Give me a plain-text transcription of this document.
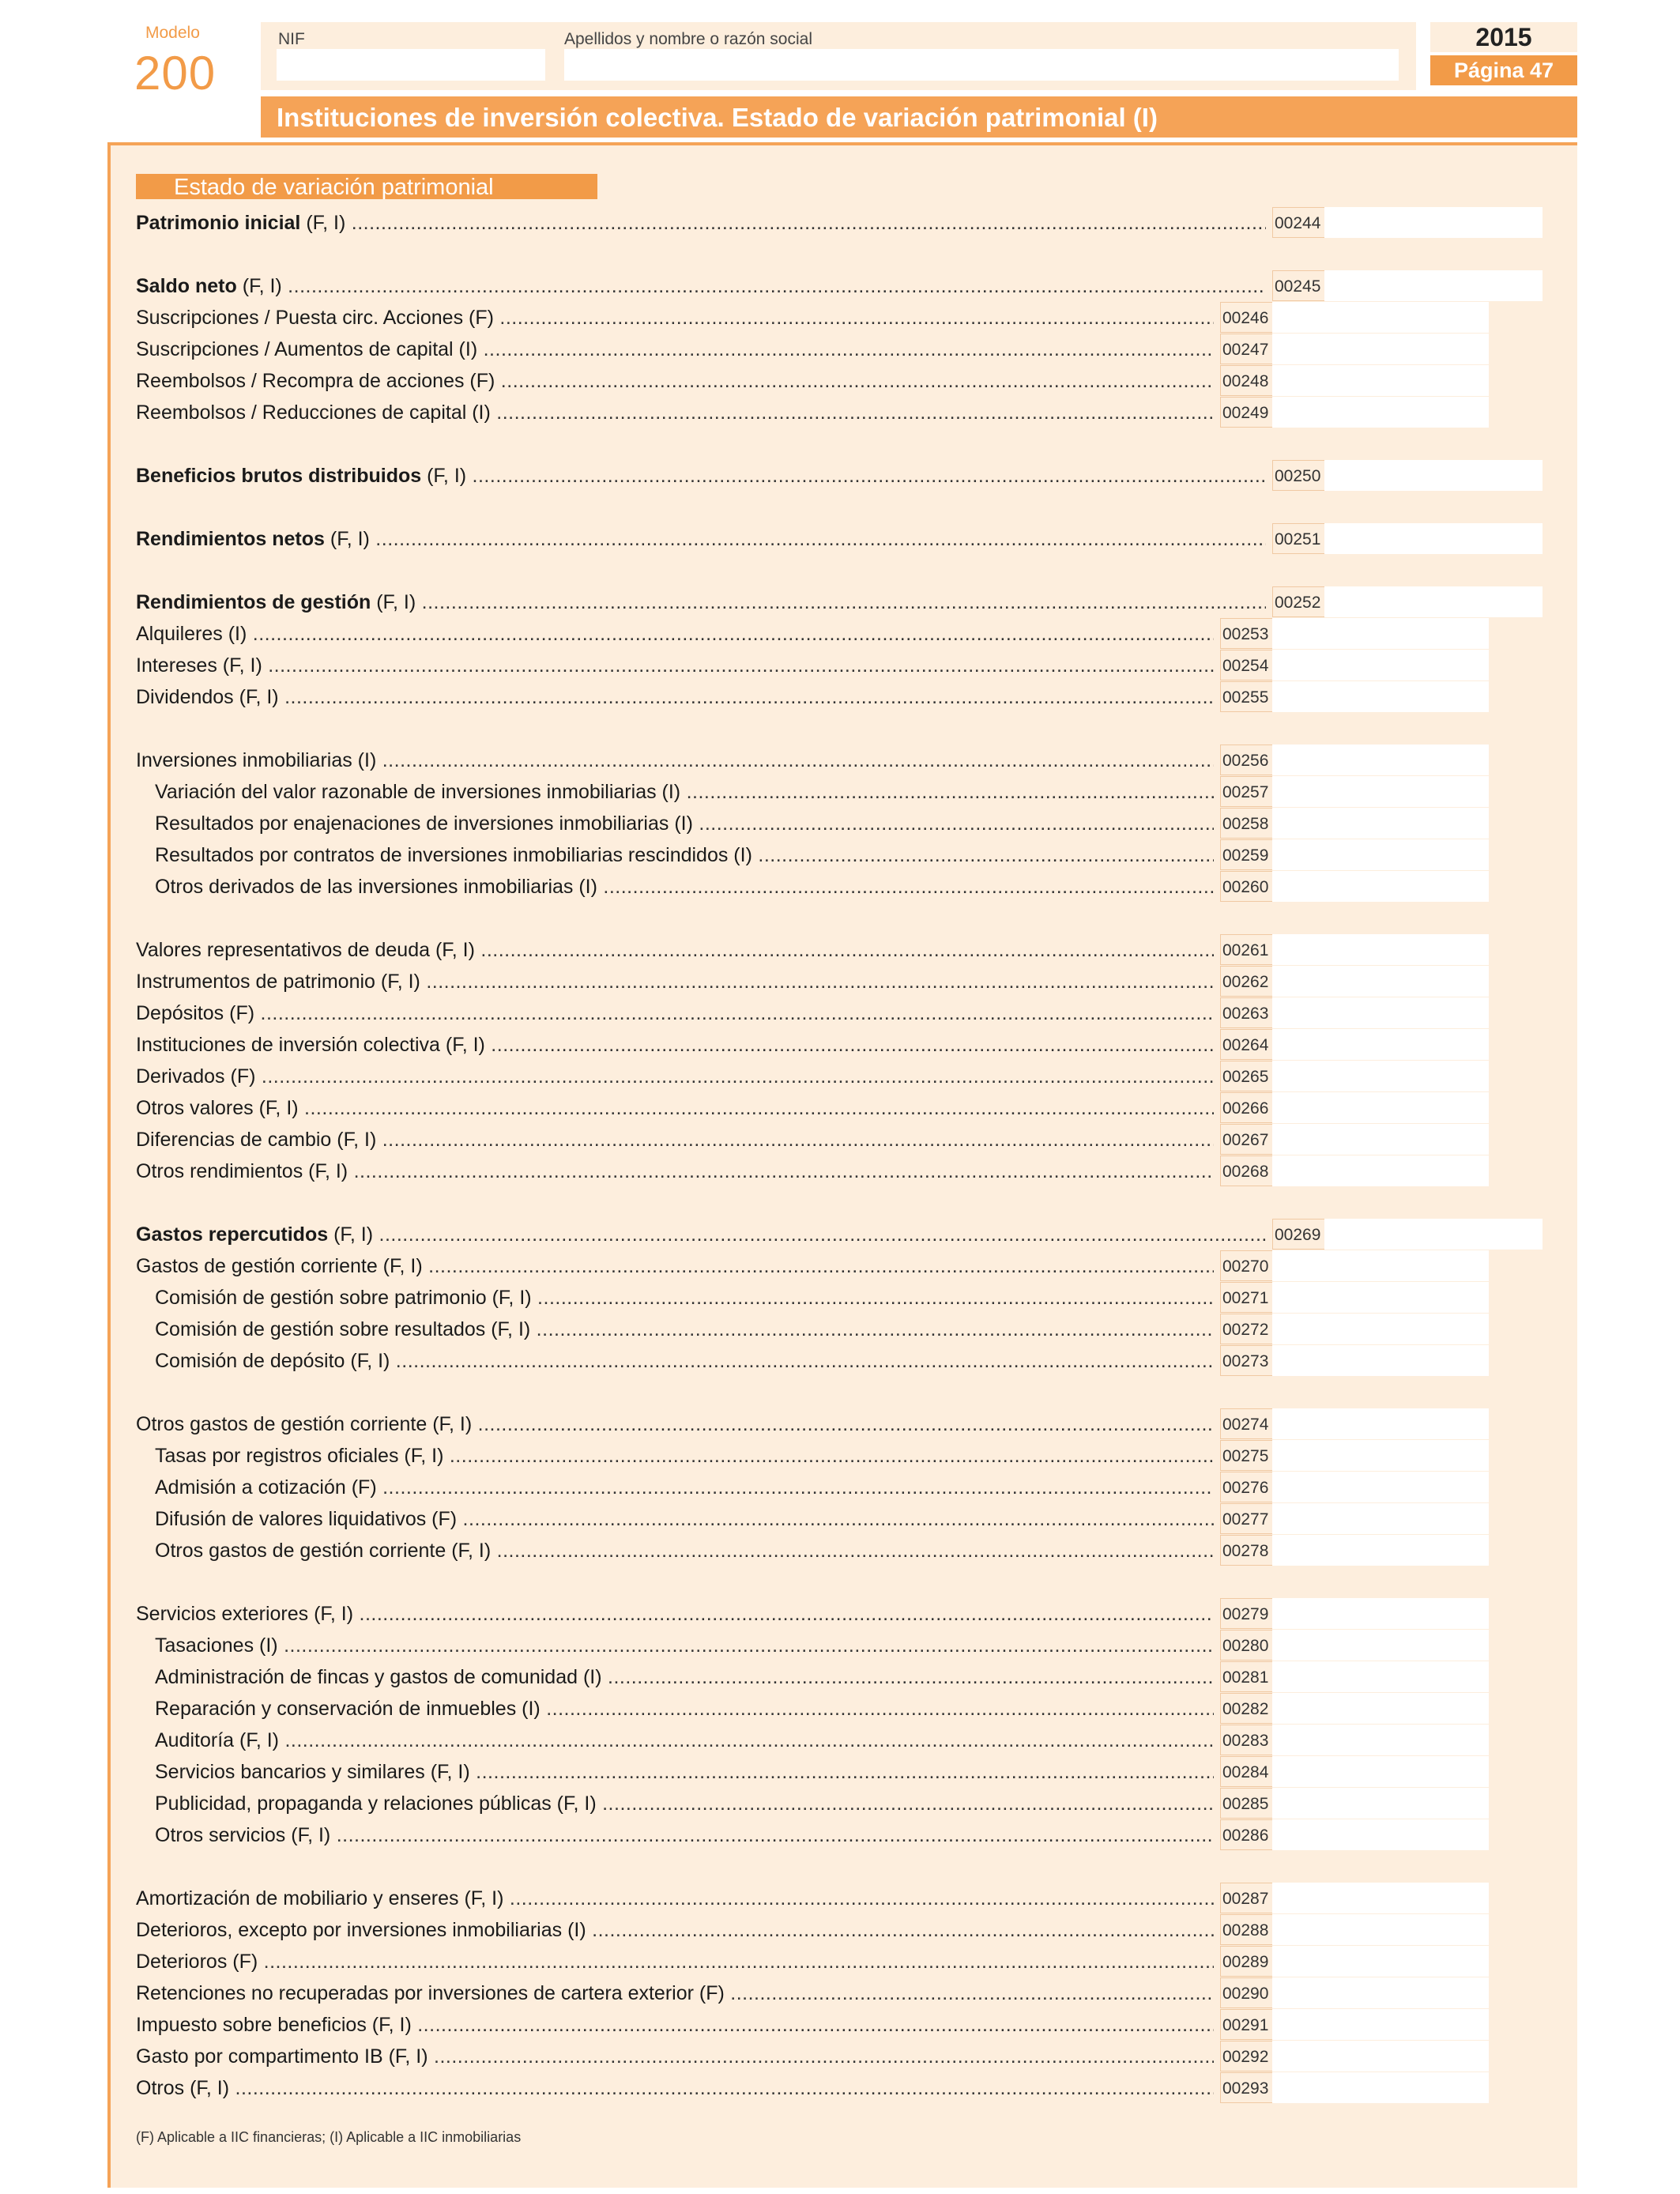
Modelo
200
NIF	Apellidos y nombre o razón social	2015
Página 47
Instituciones de inversión colectiva. Estado de variación patrimonial (I)
Estado de variación patrimonial
Patrimonio inicial (F, I) .....	00244
Saldo neto (F, I) .....	00245
Suscripciones / Puesta circ. Acciones (F) .....	00246
Suscripciones / Aumentos de capital (I) .....	00247
Reembolsos / Recompra de acciones (F) .....	00248
Reembolsos / Reducciones de capital (I) .....	00249
Beneficios brutos distribuidos (F, I) .....	00250
Rendimientos netos (F, I) .....	00251
Rendimientos de gestión (F, I) .....	00252
Alquileres (I) .....	00253
Intereses (F, I) .....	00254
Dividendos (F, I) .....	00255
Inversiones inmobiliarias (I) .....	00256
Variación del valor razonable de inversiones inmobiliarias (I) .....	00257
Resultados por enajenaciones de inversiones inmobiliarias (I) .....	00258
Resultados por contratos de inversiones inmobiliarias rescindidos (I) .....	00259
Otros derivados de las inversiones inmobiliarias (I) .....	00260
Valores representativos de deuda (F, I) .....	00261
Instrumentos de patrimonio (F, I) .....	00262
Depósitos (F) .....	00263
Instituciones de inversión colectiva (F, I) .....	00264
Derivados (F) .....	00265
Otros valores (F, I) .....	00266
Diferencias de cambio (F, I) .....	00267
Otros rendimientos (F, I) .....	00268
Gastos repercutidos (F, I) .....	00269
Gastos de gestión corriente (F, I) .....	00270
Comisión de gestión sobre patrimonio (F, I) .....	00271
Comisión de gestión sobre resultados (F, I) .....	00272
Comisión de depósito (F, I) .....	00273
Otros gastos de gestión corriente (F, I) .....	00274
Tasas por registros oficiales (F, I) .....	00275
Admisión a cotización (F) .....	00276
Difusión de valores liquidativos (F) .....	00277
Otros gastos de gestión corriente (F, I) .....	00278
Servicios exteriores (F, I) .....	00279
Tasaciones (I) .....	00280
Administración de fincas y gastos de comunidad (I) .....	00281
Reparación y conservación de inmuebles (I) .....	00282
Auditoría (F, I) .....	00283
Servicios bancarios y similares (F, I) .....	00284
Publicidad, propaganda y relaciones públicas (F, I) .....	00285
Otros servicios (F, I) .....	00286
Amortización de mobiliario y enseres (F, I) .....	00287
Deterioros, excepto por inversiones inmobiliarias (I) .....	00288
Deterioros (F) .....	00289
Retenciones no recuperadas por inversiones de cartera exterior (F) .....	00290
Impuesto sobre beneficios (F, I) .....	00291
Gasto por compartimento IB (F, I) .....	00292
Otros (F, I) .....	00293
(F) Aplicable a IIC financieras; (I) Aplicable a IIC inmobiliarias
